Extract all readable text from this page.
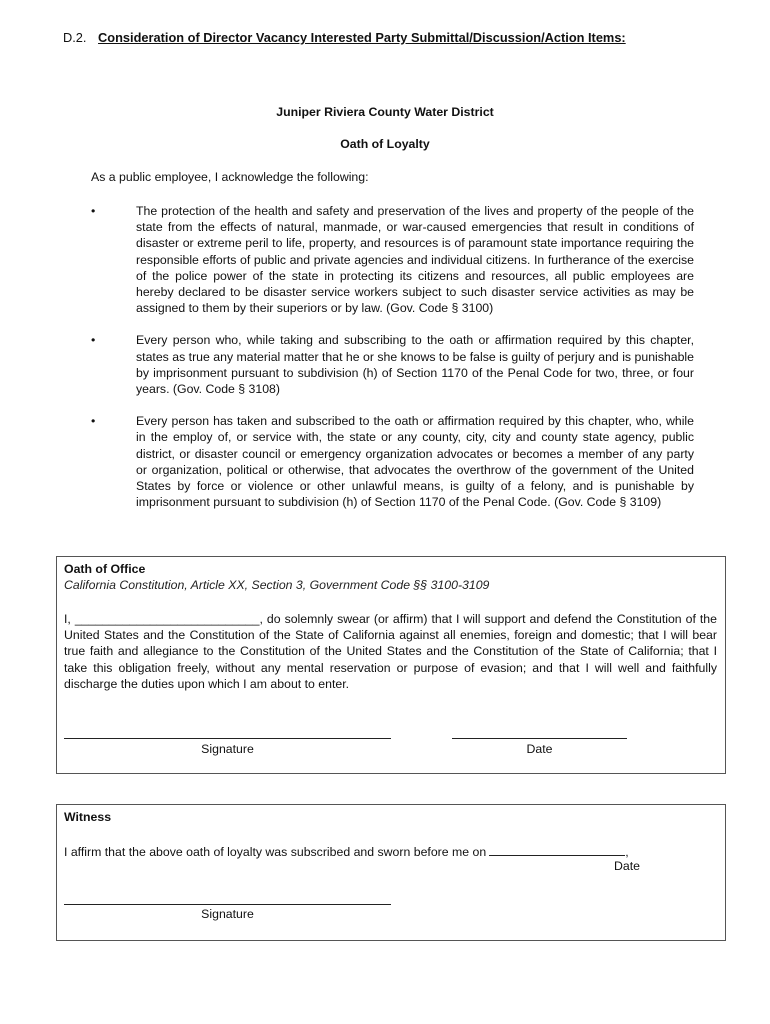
D.2. Consideration of Director Vacancy Interested Party Submittal/Discussion/Action Items:
Juniper Riviera County Water District
Oath of Loyalty
As a public employee, I acknowledge the following:
•	The protection of the health and safety and preservation of the lives and property of the people of the state from the effects of natural, manmade, or war-caused emergencies that result in conditions of disaster or extreme peril to life, property, and resources is of paramount state importance requiring the responsible efforts of public and private agencies and individual citizens. In furtherance of the exercise of the police power of the state in protecting its citizens and resources, all public employees are hereby declared to be disaster service workers subject to such disaster service activities as may be assigned to them by their superiors or by law. (Gov. Code § 3100)
•	Every person who, while taking and subscribing to the oath or affirmation required by this chapter, states as true any material matter that he or she knows to be false is guilty of perjury and is punishable by imprisonment pursuant to subdivision (h) of Section 1170 of the Penal Code for two, three, or four years. (Gov. Code § 3108)
•	Every person has taken and subscribed to the oath or affirmation required by this chapter, who, while in the employ of, or service with, the state or any county, city, city and county state agency, public district, or disaster council or emergency organization advocates or becomes a member of any party or organization, political or otherwise, that advocates the overthrow of the government of the United States by force or violence or other unlawful means, is guilty of a felony, and is punishable by imprisonment pursuant to subdivision (h) of Section 1170 of the Penal Code. (Gov. Code § 3109)
Oath of Office
California Constitution, Article XX, Section 3, Government Code §§ 3100-3109
I, ___________________________, do solemnly swear (or affirm) that I will support and defend the Constitution of the United States and the Constitution of the State of California against all enemies, foreign and domestic; that I will bear true faith and allegiance to the Constitution of the United States and the Constitution of the State of California; that I take this obligation freely, without any mental reservation or purpose of evasion; and that I will well and faithfully discharge the duties upon which I am about to enter.
Signature	Date
Witness
I affirm that the above oath of loyalty was subscribed and sworn before me on	,
Date
Signature
